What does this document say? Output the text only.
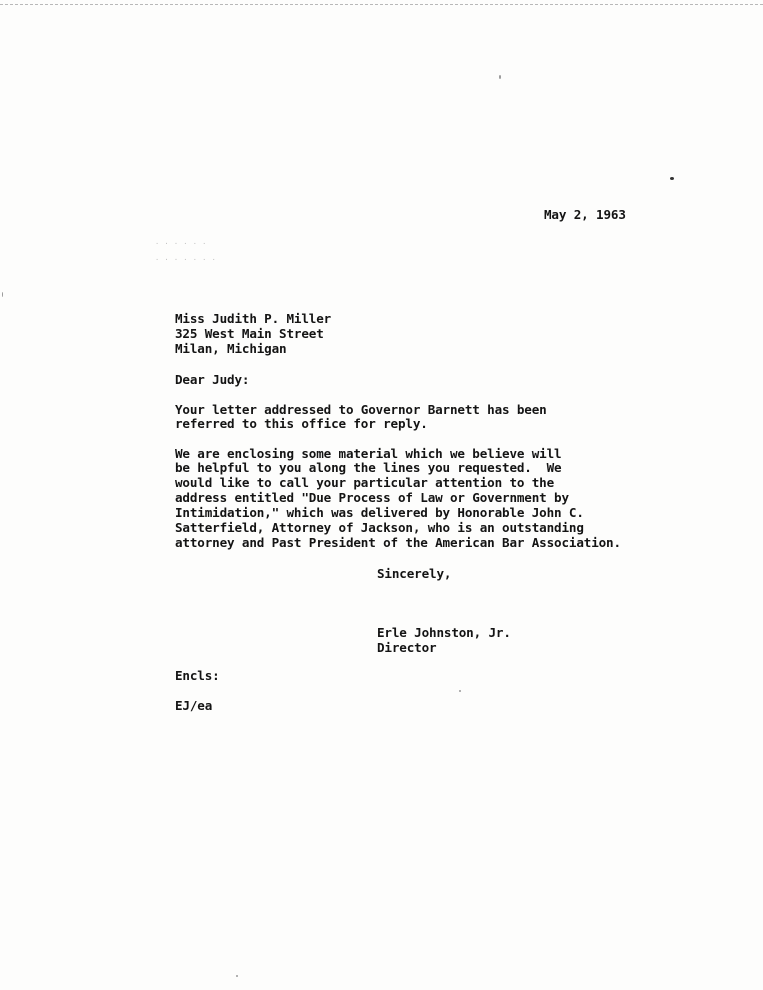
· · · · · ·

· · · · · · ·
May 2, 1963
Miss Judith P. Miller
325 West Main Street
Milan, Michigan
Dear Judy:
Your letter addressed to Governor Barnett has been
referred to this office for reply.
We are enclosing some material which we believe will
be helpful to you along the lines you requested.  We
would like to call your particular attention to the
address entitled "Due Process of Law or Government by
Intimidation," which was delivered by Honorable John C.
Satterfield, Attorney of Jackson, who is an outstanding
attorney and Past President of the American Bar Association.
Sincerely,
Erle Johnston, Jr.
Director
Encls:
EJ/ea
